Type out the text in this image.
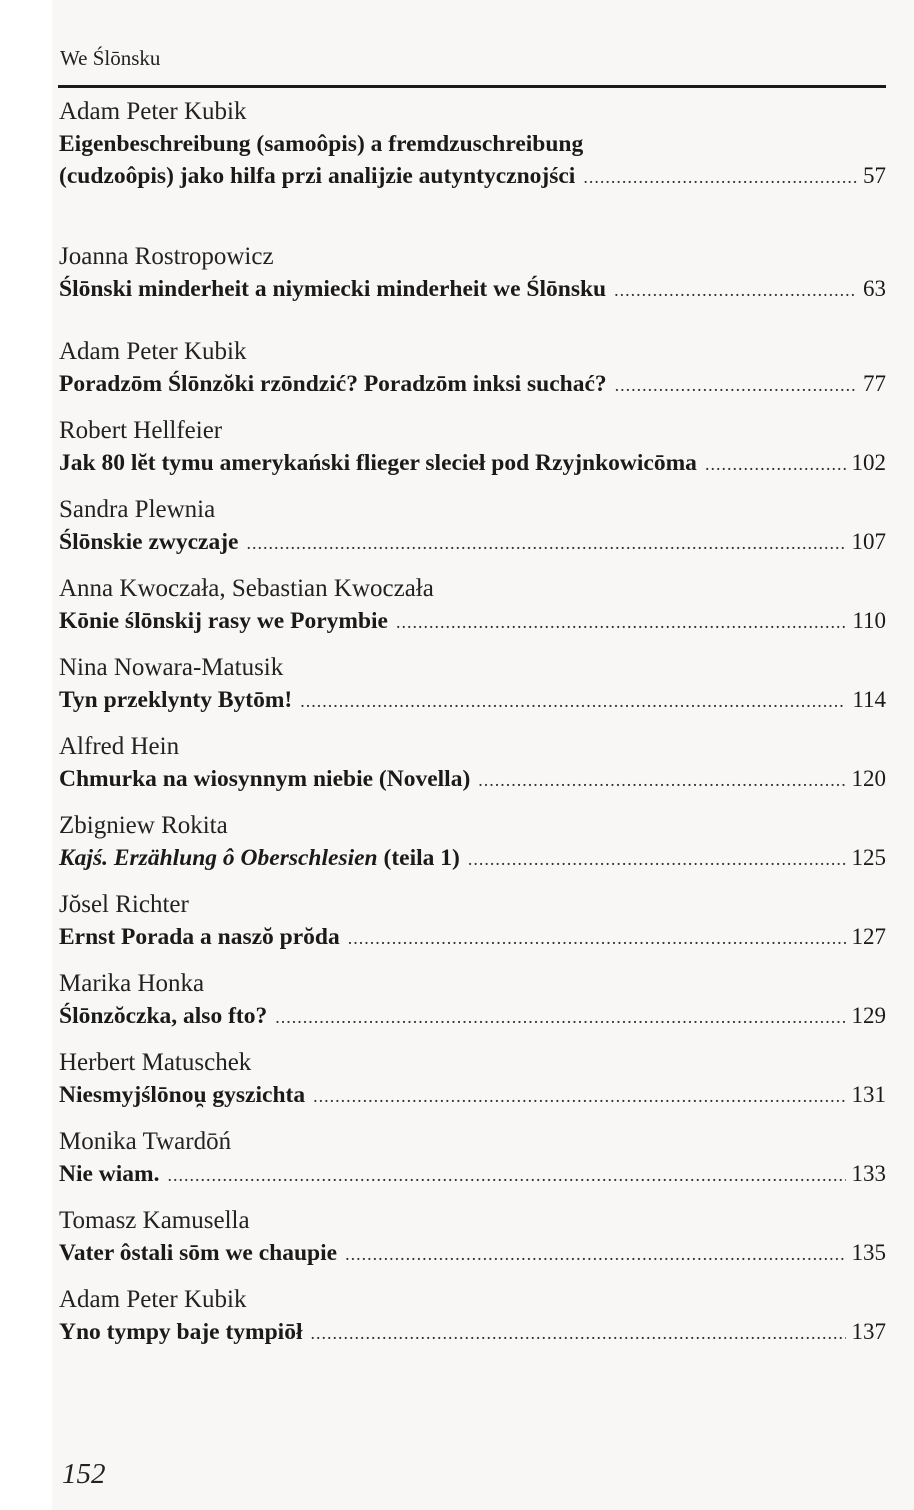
We Ślōnsku
Adam Peter Kubik
Eigenbeschreibung (samoôpis) a fremdzuschreibung
(cudzoôpis) jako hilfa przi analijzie autyntycznojści .....	57
Joanna Rostropowicz
Ślōnski minderheit a niymiecki minderheit we Ślōnsku .....	63
Adam Peter Kubik
Poradzōm Ślōnzŏki rzōndzić? Poradzōm inksi suchać? .....	77
Robert Hellfeier
Jak 80 lĕt tymu amerykański flieger slecieł pod Rzyjnkowicōma .....	102
Sandra Plewnia
Ślōnskie zwyczaje .....	107
Anna Kwoczała, Sebastian Kwoczała
Kōnie ślōnskij rasy we Porymbie .....	110
Nina Nowara-Matusik
Tyn przeklynty Bytōm! .....	114
Alfred Hein
Chmurka na wiosynnym niebie (Novella) .....	120
Zbigniew Rokita
Kajś. Erzählung ô Oberschlesien (teila 1) .....	125
Jŏsel Richter
Ernst Porada a naszŏ prŏda .....	127
Marika Honka
Ślōnzŏczka, also fto? .....	129
Herbert Matuschek
Niesmyjślōnou̯ gyszichta .....	131
Monika Twardōń
Nie wiam. .....	133
Tomasz Kamusella
Vater ôstali sōm we chaupie .....	135
Adam Peter Kubik
Yno tympy baje tympiōł .....	137
152
